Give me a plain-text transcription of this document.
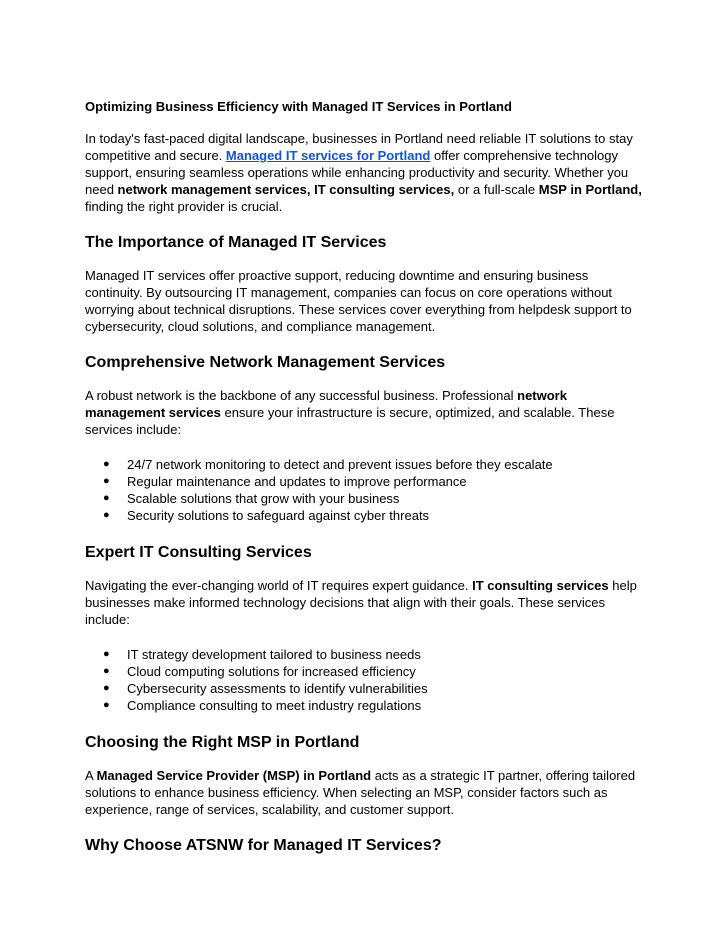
Optimizing Business Efficiency with Managed IT Services in Portland

In today's fast-paced digital landscape, businesses in Portland need reliable IT solutions to stay competitive and secure. Managed IT services for Portland offer comprehensive technology support, ensuring seamless operations while enhancing productivity and security. Whether you need network management services, IT consulting services, or a full-scale MSP in Portland, finding the right provider is crucial.

The Importance of Managed IT Services

Managed IT services offer proactive support, reducing downtime and ensuring business continuity. By outsourcing IT management, companies can focus on core operations without worrying about technical disruptions. These services cover everything from helpdesk support to cybersecurity, cloud solutions, and compliance management.

Comprehensive Network Management Services

A robust network is the backbone of any successful business. Professional network management services ensure your infrastructure is secure, optimized, and scalable. These services include:

● 24/7 network monitoring to detect and prevent issues before they escalate
● Regular maintenance and updates to improve performance
● Scalable solutions that grow with your business
● Security solutions to safeguard against cyber threats
Expert IT Consulting Services

Navigating the ever-changing world of IT requires expert guidance. IT consulting services help businesses make informed technology decisions that align with their goals. These services include:

● IT strategy development tailored to business needs
● Cloud computing solutions for increased efficiency
● Cybersecurity assessments to identify vulnerabilities
● Compliance consulting to meet industry regulations
Choosing the Right MSP in Portland

A Managed Service Provider (MSP) in Portland acts as a strategic IT partner, offering tailored solutions to enhance business efficiency. When selecting an MSP, consider factors such as experience, range of services, scalability, and customer support.

Why Choose ATSNW for Managed IT Services?
